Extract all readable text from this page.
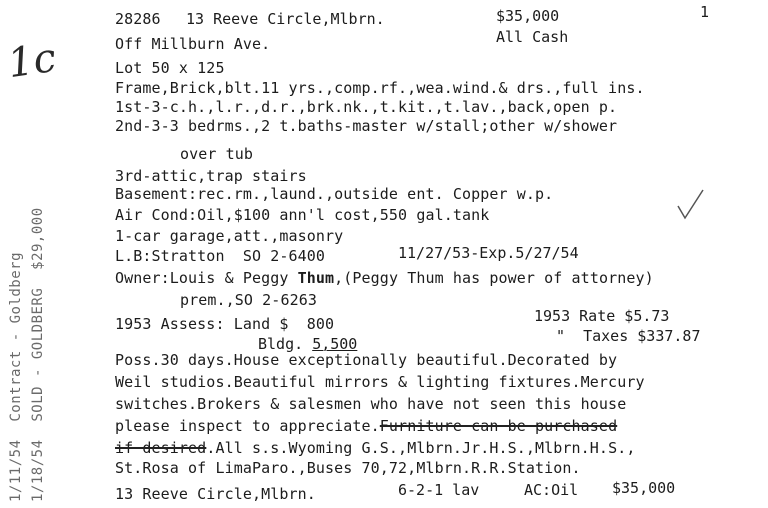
1c
1/11/54  Contract - Goldberg 1/18/54  SOLD - GOLDBERG  $29,000
28286 13 Reeve Circle,Mlbrn.	$35,000	1
Off Millburn Ave.	All Cash
Lot 50 x 125
Frame,Brick,blt.11 yrs.,comp.rf.,wea.wind.& drs.,full ins.
1st-3-c.h.,l.r.,d.r.,brk.nk.,t.kit.,t.lav.,back,open p.
2nd-3-3 bedrms.,2 t.baths-master w/stall;other w/shower
over tub
3rd-attic,trap stairs
Basement:rec.rm.,laund.,outside ent. Copper w.p.
Air Cond:Oil,$100 ann'l cost,550 gal.tank
1-car garage,att.,masonry
L.B:Stratton  SO 2-6400	11/27/53-Exp.5/27/54
Owner:Louis & Peggy Thum,(Peggy Thum has power of attorney)
prem.,SO 2-6263
1953 Assess: Land $  800	1953 Rate $5.73
Bldg. 5,500	"  Taxes $337.87
Poss.30 days.House exceptionally beautiful.Decorated by
Weil studios.Beautiful mirrors & lighting fixtures.Mercury
switches.Brokers & salesmen who have not seen this house
please inspect to appreciate.Furniture can be purchased
if desired.All s.s.Wyoming G.S.,Mlbrn.Jr.H.S.,Mlbrn.H.S.,
St.Rosa of LimaParo.,Buses 70,72,Mlbrn.R.R.Station.
13 Reeve Circle,Mlbrn.	6-2-1 lav	AC:Oil $35,000
